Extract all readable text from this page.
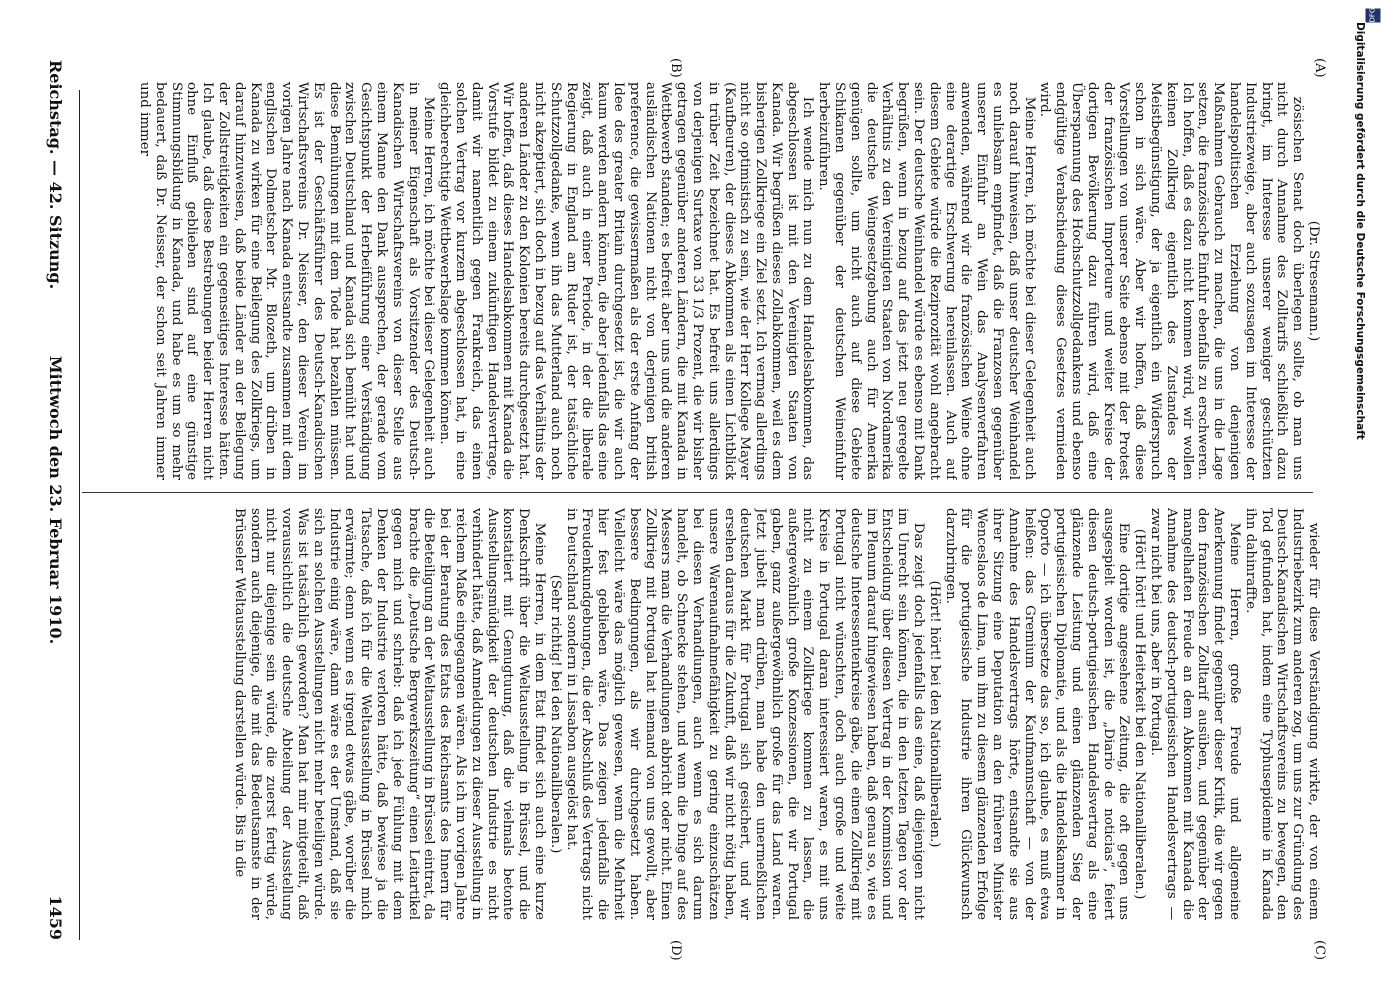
Reichstag. — 42. Sitzung.
Mittwoch den 23. Februar 1910.
1459
(A)
(B)
(C)
(D)

(Dr. Stresemann.)

zösischen Senat doch überlegen sollte, ob man uns nicht durch Annahme des Zolltarifs schließlich dazu bringt, im Interesse unserer weniger geschützten Industriezweige, aber auch sozusagen im Interesse der handelspolitischen Erziehung von denjenigen Maßnahmen Gebrauch zu machen, die uns in die Lage setzen, die französische Einfuhr ebenfalls zu erschweren. Ich hoffen, daß es dazu nicht kommen wird, wir wollen keinen Zollkrieg eigentlich des Zustandes der Meistbegünstigung, der ja eigentlich ein Widerspruch schon in sich wäre. Aber wir hoffen, daß diese Vorstellungen von unserer Seite ebenso mit der Protest der französischen Importeure und weiter Kreise der dortigen Bevölkerung dazu führen wird, daß eine Überspannung des Hochschutzzollgedankens und ebenso endgültige Verabschiedung dieses Gesetzes vermieden wird.

Meine Herren, ich möchte bei dieser Gelegenheit auch noch darauf hinweisen, daß unser deutscher Weinhandel es unliebsam empfindet, daß die Franzosen gegenüber unserer Einfuhr an Wein das Analysenverfahren anwenden, während wir die französischen Weine ohne eine derartige Erschwerung hereinlassen. Auch auf diesem Gebiete würde die Reziprozität wohl angebracht sein. Der deutsche Weinhandel würde es ebenso mit Dank begrüßen, wenn in bezug auf das jetzt neu geregelte Verhältnis zu den Vereinigten Staaten von Nordamerika die deutsche Weingesetzgebung auch für Amerika genügen sollte, um nicht auch auf diese Gebiete Schikanen gegenüber der deutschen Weineinfuhr herbeizuführen.

Ich wende mich nun zu dem Handelsabkommen, das abgeschlossen ist mit den Vereinigten Staaten von Kanada. Wir begrüßen dieses Zollabkommen, weil es dem bisherigen Zollkriege ein Ziel setzt. Ich vermag allerdings nicht so optimistisch zu sein, wie der Herr Kollege Mayer (Kaufbeuren), der dieses Abkommen als einen Lichtblick in trüber Zeit bezeichnet hat. Es befreit uns allerdings von derjenigen Surtaxe von 33 1/3 Prozent, die wir bisher getragen gegenüber anderen Ländern, die mit Kanada in Wettbewerb standen; es befreit aber uns und die anderen ausländischen Nationen nicht von derjenigen british preference, die gewissermaßen als der erste Anfang der Idee des greater Britain durchgesetzt ist, die wir auch kaum werden andern können, die aber jedenfalls das eine zeigt, daß auch in einer Periode, in der die liberale Regierung in England am Ruder ist, der tatsächliche Schutzzollgedanke, wenn ihn das Mutterland auch noch nicht akzeptiert, sich doch in bezug auf das Verhältnis der anderen Länder zu den Kolonien bereits durchgesetzt hat. Wir hoffen, daß dieses Handelsabkommen mit Kanada die Vorstufe bildet zu einem zukünftigen Handelsvertrage, damit wir namentlich gegen Frankreich, das einen solchen Vertrag vor kurzem abgeschlossen hat, in eine gleichberechtigte Wettbewerbslage kommen können.

Meine Herren, ich möchte bei dieser Gelegenheit auch in meiner Eigenschaft als Vorsitzender des Deutsch-Kanadischen Wirtschaftsvereins von dieser Stelle aus einem Manne den Dank aussprechen, der gerade vom Gesichtspunkt der Herbeiführung einer Verständigung zwischen Deutschland und Kanada sich bemüht hat und diese Bemühungen mit dem Tode hat bezahlen müssen. Es ist der Geschäftsführer des Deutsch-Kanadischen Wirtschaftsvereins Dr. Neisser, den dieser Verein im vorigen Jahre nach Kanada entsandte zusammen mit dem englischen Dolmetscher Mr. Blozeth, um drüben in Kanada zu wirken für eine Beilegung des Zollkriegs, um darauf hinzuweisen, daß beide Länder an der Beilegung der Zollstreitigkeiten ein gegenseitiges Interesse hätten. Ich glaube, daß diese Bestrebungen beider Herren nicht ohne Einfluß geblieben sind auf eine günstige Stimmungsbildung in Kanada, und habe es um so mehr bedauert, daß Dr. Neisser, der schon seit Jahren immer und immer

wieder für diese Verständigung wirkte, der von einem Industriebezirk zum anderen zog, um uns zur Gründung des Deutsch-Kanadischen Wirtschaftsvereins zu bewegen, den Tod gefunden hat, indem eine Typhusepidemie in Kanada ihn dahinraffte.

Meine Herren, große Freude und allgemeine Anerkennung findet gegenüber dieser Kritik, die wir gegen den französischen Zolltarif ausüben, und gegenüber der mangelhaften Freude an dem Abkommen mit Kanada die Annahme des deutsch-portugiesischen Handelsvertrags — zwar nicht bei uns, aber in Portugal.

(Hört! hört! und Heiterkeit bei den Nationalliberalen.)

Eine dortige angesehene Zeitung, die oft gegen uns ausgespielt worden ist, die „Diario de noticias“, feiert diesen deutsch-portugiesischen Handelsvertrag als eine glänzende Leistung und einen glänzenden Sieg der portugiesischen Diplomatie, und als die Handelskammer in Oporto — ich übersetze das so, ich glaube, es muß etwa heißen: das Gremium der Kaufmannschaft — von der Annahme des Handelsvertrags hörte, entsandte sie aus ihrer Sitzung eine Deputation an den früheren Minister Wenceslaos de Lima, um ihm zu diesem glänzenden Erfolge für die portugiesische Industrie ihren Glückwunsch darzubringen.

(Hört! hört! bei den Nationalliberalen.)

Das zeigt doch jedenfalls das eine, daß diejenigen nicht im Unrecht sein können, die in den letzten Tagen vor der Entscheidung über diesen Vertrag in der Kommission und im Plenum darauf hingewiesen haben, daß genau so, wie es deutsche Interessentenkreise gäbe, die einen Zollkrieg mit Portugal nicht wünschten, doch auch große und weite Kreise in Portugal daran interessiert waren, es mit uns nicht zu einem Zollkriege kommen zu lassen, die außergewöhnlich große Konzessionen, die wir Portugal gaben, ganz außergewöhnlich große für das Land waren. Jetzt jubelt man drüben, man habe den unermeßlichen deutschen Markt für Portugal sich gesichert, und wir ersehen daraus für die Zukunft, daß wir nicht nötig haben, unsere Warenaufnahmefähigkeit zu gering einzuschätzen bei diesen Verhandlungen, auch wenn es sich darum handelt, ob Schnecke stehen, und wenn die Dinge auf des Messers man die Verhandlungen abbricht oder nicht. Einen Zollkrieg mit Portugal hat niemand von uns gewollt, aber bessere Bedingungen, als wir durchgesetzt haben. Vielleicht wäre das möglich gewesen, wenn die Mehrheit hier fest geblieben wäre. Das zeigen jedenfalls die Freudenkundgebungen, die der Abschluß des Vertrags nicht in Deutschland sondern in Lissabon ausgelöst hat.

(Sehr richtig! bei den Nationalliberalen.)

Meine Herren, in dem Etat findet sich auch eine kurze Denkschrift über die Weltausstellung in Brüssel, und die konstatiert mit Genugtuung, daß die vielmals betonte Ausstellungsmüdigkeit der deutschen Industrie es nicht verhindert hätte, daß Anmeldungen zu dieser Ausstellung in reichem Maße eingegangen wären. Als ich im vorigen Jahre bei der Beratung des Etats des Reichsamts des Innern für die Beteiligung an der Weltausstellung in Brüssel eintrat, da brachte die „Deutsche Bergwerkszeitung“ einen Leitartikel gegen mich und schrieb: daß ich jede Fühlung mit dem Denken der Industrie verloren hätte, daß bewiese ja die Tatsache, daß ich für die Weltausstellung in Brüssel mich erwärmte; denn wenn es irgend etwas gäbe, worüber die Industrie einig wäre, dann wäre es der Umstand, daß sie sich an solchen Ausstellungen nicht mehr beteiligen würde. Was ist tatsächlich geworden? Man hat mir mitgeteilt, daß voraussichtlich die deutsche Abteilung der Ausstellung nicht nur diejenige sein würde, die zuerst fertig würde, sondern auch diejenige, die mit das Bedeutsamste in der Brüsseler Weltausstellung darstellen würde. Bis in die

Digitalisierung gefördert durch die Deutsche Forschungsgemeinschaft
DFG
